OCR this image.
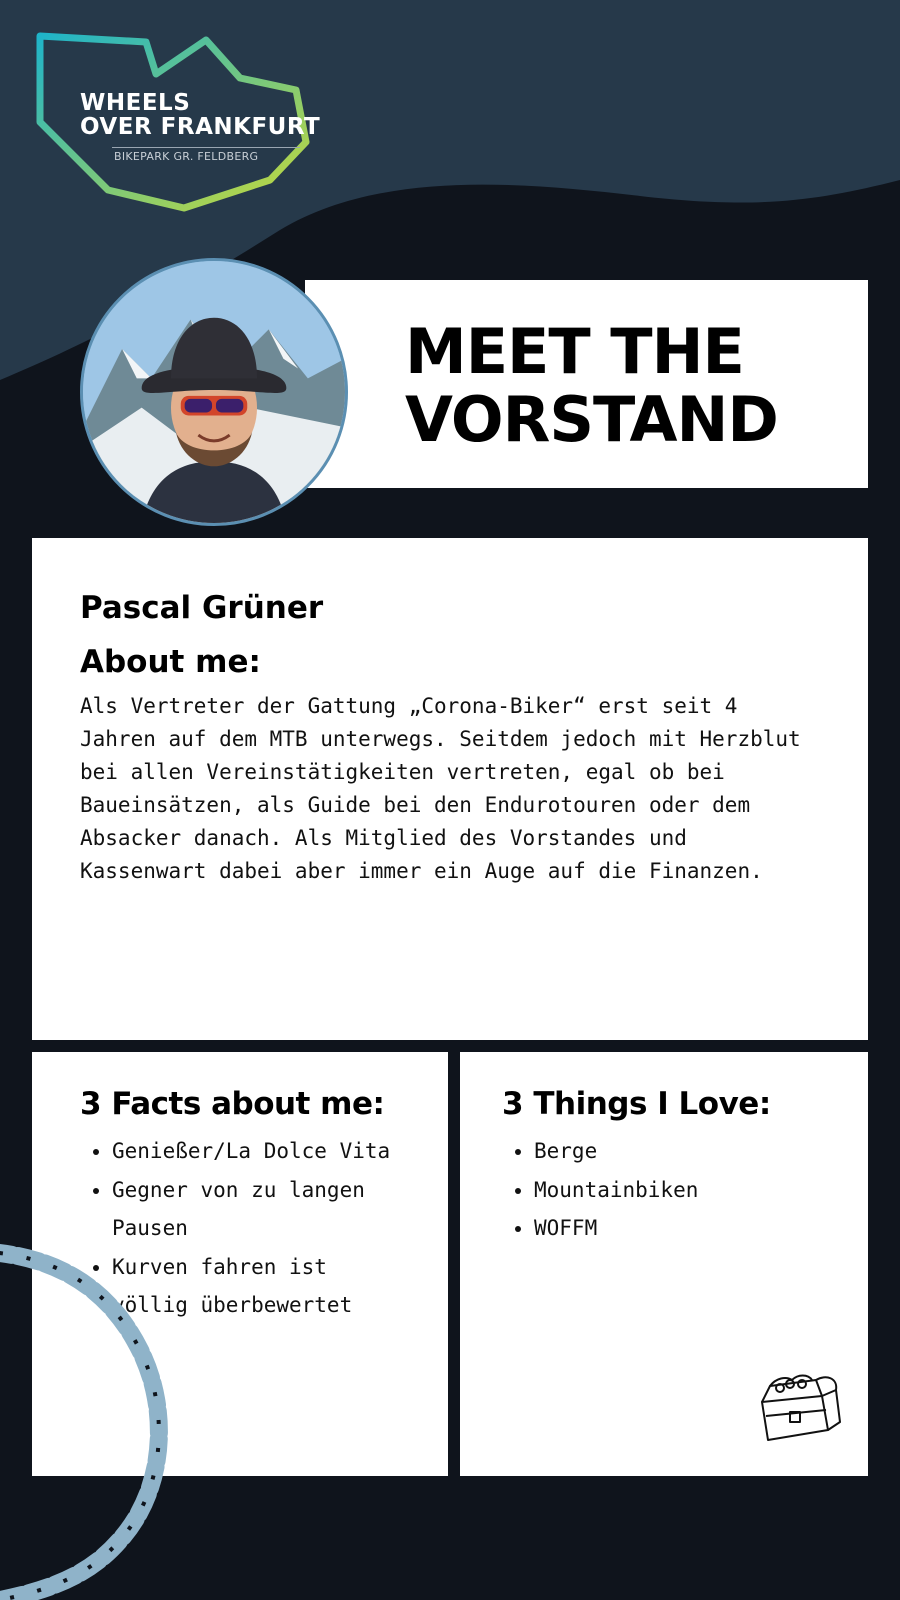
WHEELS
OVER FRANKFURT
BIKEPARK GR. FELDBERG
MEET THE
VORSTAND
Pascal Grüner
About me:

Als Vertreter der Gattung „Corona-Biker“ erst seit 4 Jahren auf dem MTB unterwegs. Seitdem jedoch mit Herzblut bei allen Vereinstätigkeiten vertreten, egal ob bei Baueinsätzen, als Guide bei den Endurotouren oder dem Absacker danach. Als Mitglied des Vorstandes und Kassenwart dabei aber immer ein Auge auf die Finanzen.

3 Facts about me:
• Genießer/La Dolce Vita
• Gegner von zu langen Pausen
• Kurven fahren ist völlig überbewertet
3 Things I Love:
• Berge
• Mountainbiken
• WOFFM
